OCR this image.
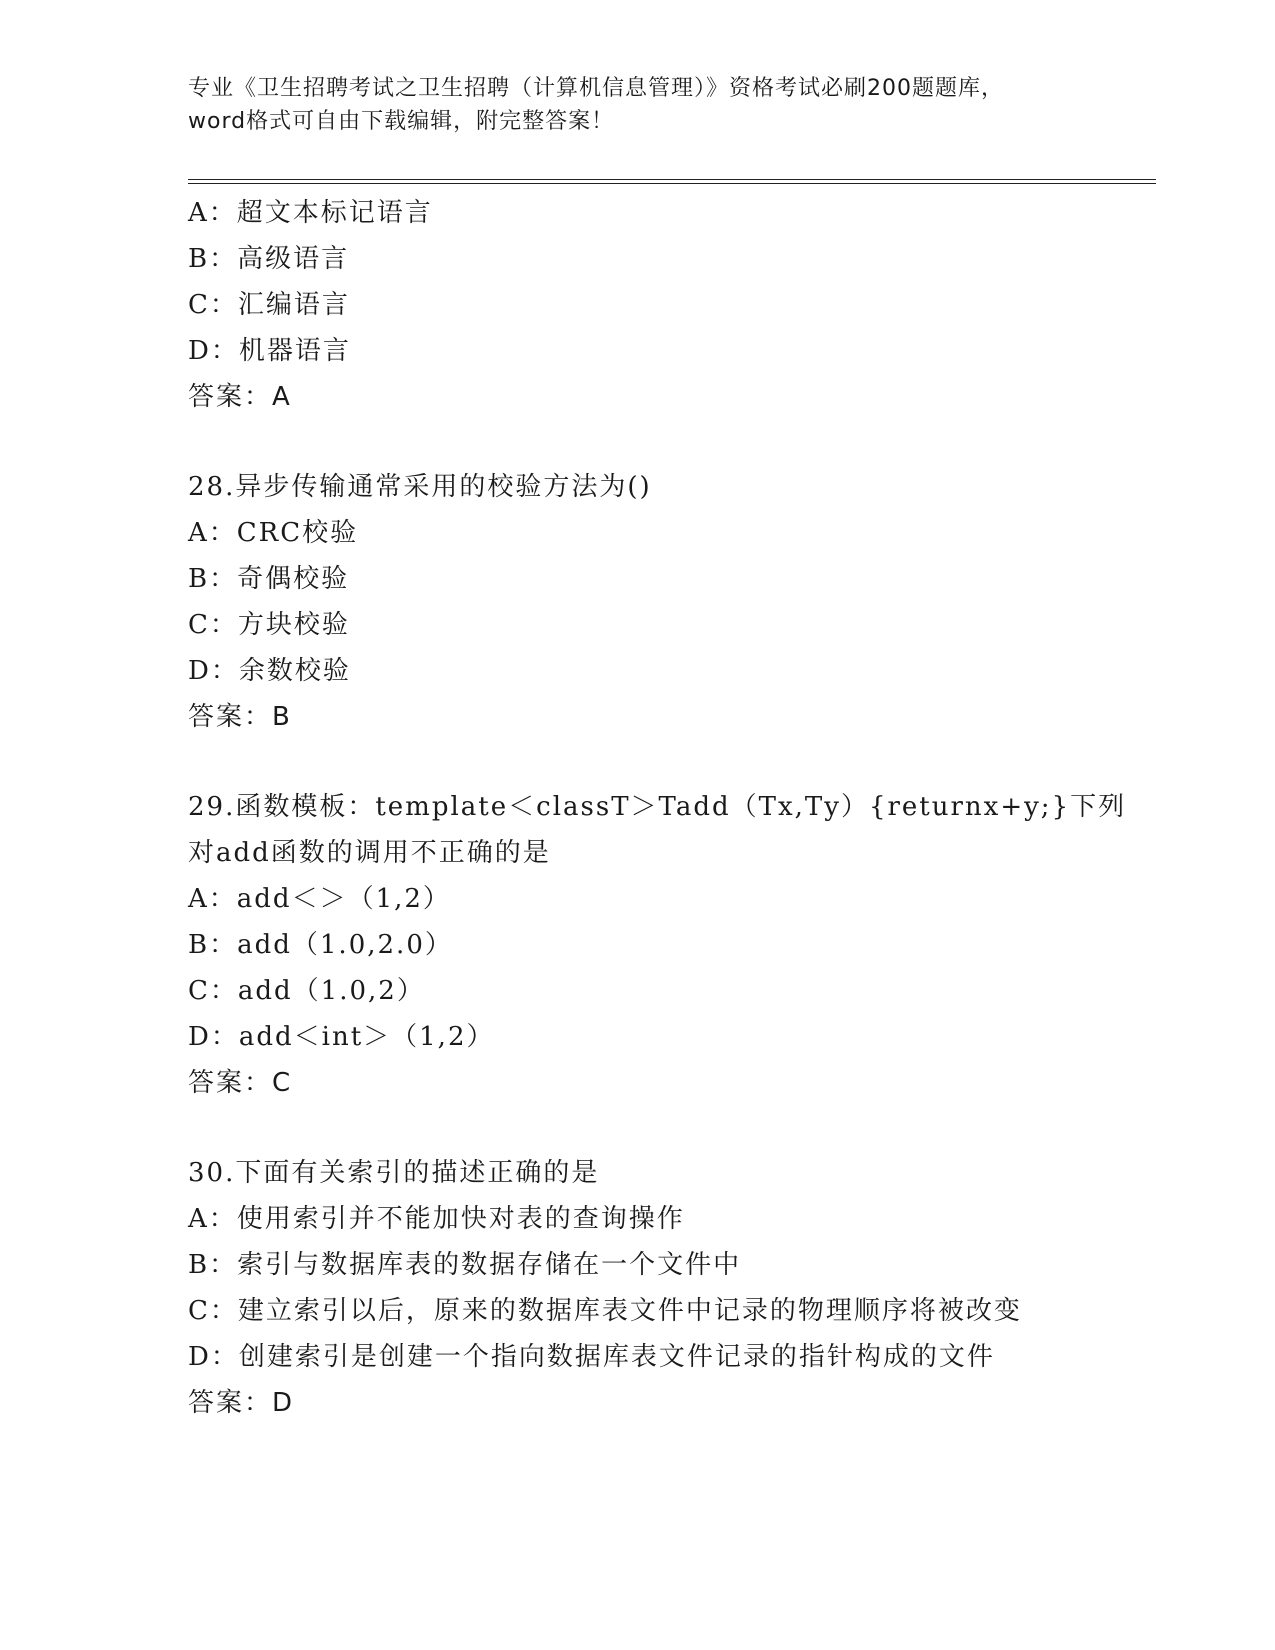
专业《卫生招聘考试之卫生招聘（计算机信息管理）》资格考试必刷200题题库，
word格式可自由下载编辑，附完整答案！
A：超文本标记语言
B：高级语言
C：汇编语言
D：机器语言
答案：A
28.异步传输通常采用的校验方法为()
A：CRC校验
B：奇偶校验
C：方块校验
D：余数校验
答案：B
29.函数模板：template＜classT＞Tadd（Tx,Ty）{returnx+y;}下列
对add函数的调用不正确的是
A：add＜＞（1,2）
B：add（1.0,2.0）
C：add（1.0,2）
D：add＜int＞（1,2）
答案：C
30.下面有关索引的描述正确的是
A：使用索引并不能加快对表的查询操作
B：索引与数据库表的数据存储在一个文件中
C：建立索引以后，原来的数据库表文件中记录的物理顺序将被改变
D：创建索引是创建一个指向数据库表文件记录的指针构成的文件
答案：D
